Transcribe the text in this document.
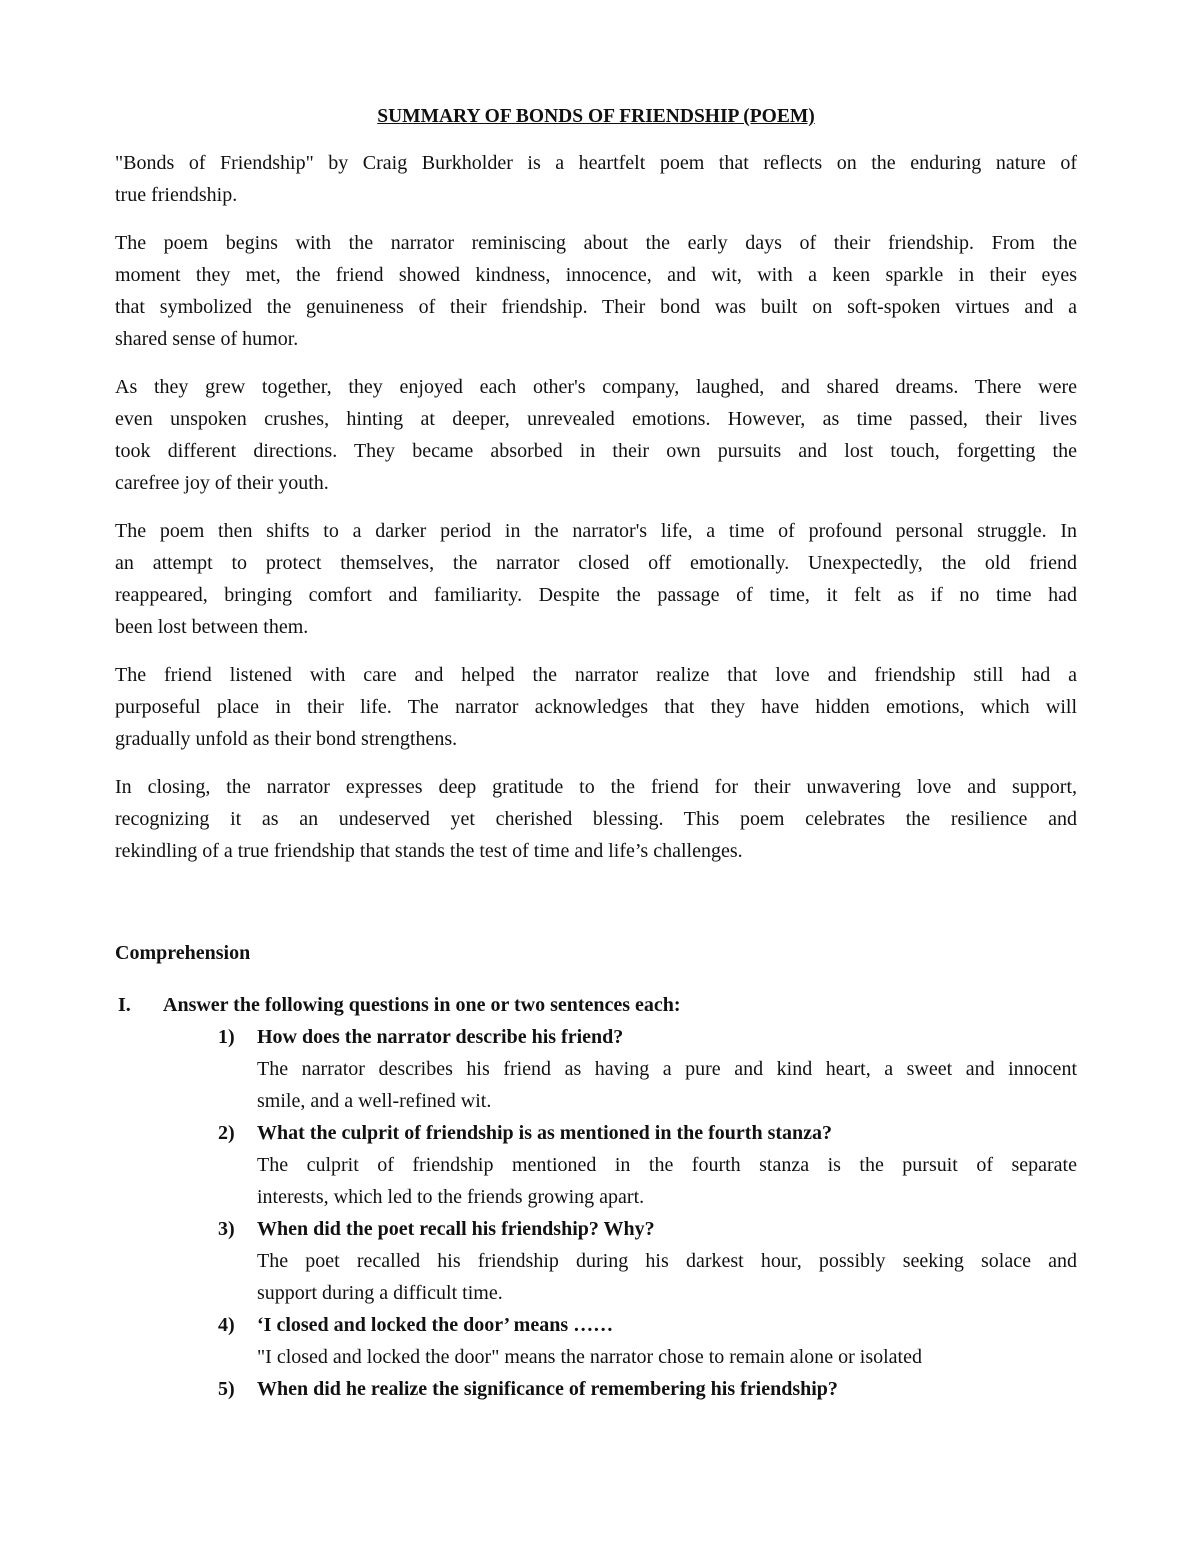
SUMMARY OF BONDS OF FRIENDSHIP (POEM)
"Bonds of Friendship" by Craig Burkholder is a heartfelt poem that reflects on the enduring nature of
true friendship.
The poem begins with the narrator reminiscing about the early days of their friendship. From the
moment they met, the friend showed kindness, innocence, and wit, with a keen sparkle in their eyes
that symbolized the genuineness of their friendship. Their bond was built on soft-spoken virtues and a
shared sense of humor.
As they grew together, they enjoyed each other's company, laughed, and shared dreams. There were
even unspoken crushes, hinting at deeper, unrevealed emotions. However, as time passed, their lives
took different directions. They became absorbed in their own pursuits and lost touch, forgetting the
carefree joy of their youth.
The poem then shifts to a darker period in the narrator's life, a time of profound personal struggle. In
an attempt to protect themselves, the narrator closed off emotionally. Unexpectedly, the old friend
reappeared, bringing comfort and familiarity. Despite the passage of time, it felt as if no time had
been lost between them.
The friend listened with care and helped the narrator realize that love and friendship still had a
purposeful place in their life. The narrator acknowledges that they have hidden emotions, which will
gradually unfold as their bond strengthens.
In closing, the narrator expresses deep gratitude to the friend for their unwavering love and support,
recognizing it as an undeserved yet cherished blessing. This poem celebrates the resilience and
rekindling of a true friendship that stands the test of time and life’s challenges.
Comprehension
I. Answer the following questions in one or two sentences each:
1) How does the narrator describe his friend?
The narrator describes his friend as having a pure and kind heart, a sweet and innocent
smile, and a well-refined wit.
2) What the culprit of friendship is as mentioned in the fourth stanza?
The culprit of friendship mentioned in the fourth stanza is the pursuit of separate
interests, which led to the friends growing apart.
3) When did the poet recall his friendship? Why?
The poet recalled his friendship during his darkest hour, possibly seeking solace and
support during a difficult time.
4) ‘I closed and locked the door’ means ……
"I closed and locked the door" means the narrator chose to remain alone or isolated
5) When did he realize the significance of remembering his friendship?
